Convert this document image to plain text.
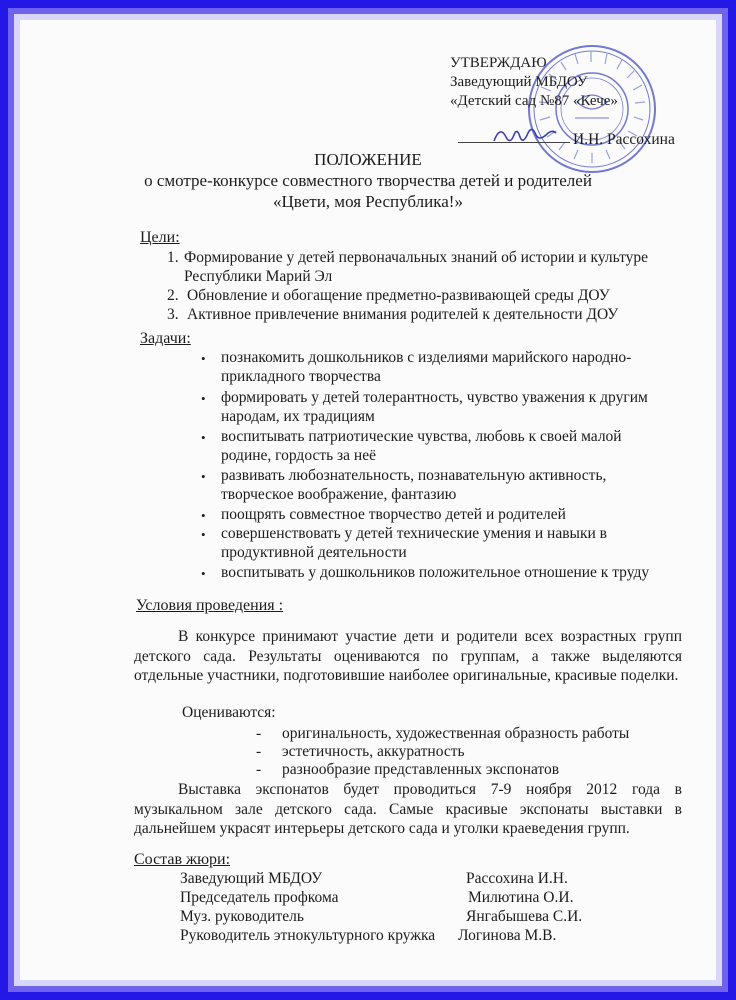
УТВЕРЖДАЮ
Заведующий МБДОУ
«Детский сад №87 «Кече»
И.Н. Рассохина
ПОЛОЖЕНИЕ
о смотре-конкурсе совместного творчества детей и родителей
«Цвети, моя Республика!»
Цели:
1. Формирование у детей первоначальных знаний об истории и культуре
Республики Марий Эл
2. Обновление и обогащение предметно-развивающей среды ДОУ
3. Активное привлечение внимания родителей к деятельности ДОУ
Задачи:
• познакомить дошкольников с изделиями марийского народно-
прикладного творчества
• формировать у детей толерантность, чувство уважения к другим
народам, их традициям
• воспитывать патриотические чувства, любовь к своей малой
родине, гордость за неё
• развивать любознательность, познавательную активность,
творческое воображение, фантазию
• поощрять совместное творчество детей и родителей
• совершенствовать у детей технические умения и навыки в
продуктивной деятельности
• воспитывать у дошкольников положительное отношение к труду
Условия проведения :
В конкурсе принимают участие дети и родители всех возрастных групп детского сада. Результаты оцениваются по группам, а также выделяются отдельные участники, подготовившие наиболее оригинальные, красивые поделки.
Оцениваются:
- оригинальность, художественная образность работы
- эстетичность, аккуратность
- разнообразие представленных экспонатов
Выставка экспонатов будет проводиться 7-9 ноября 2012 года в музыкальном зале детского сада. Самые красивые экспонаты выставки в дальнейшем украсят интерьеры детского сада и уголки краеведения групп.
Состав жюри:
Заведующий МБДОУ	Рассохина И.Н.
Председатель профкома	Милютина О.И.
Муз. руководитель	Янгабышева С.И.
Руководитель этнокультурного кружка Логинова М.В.
